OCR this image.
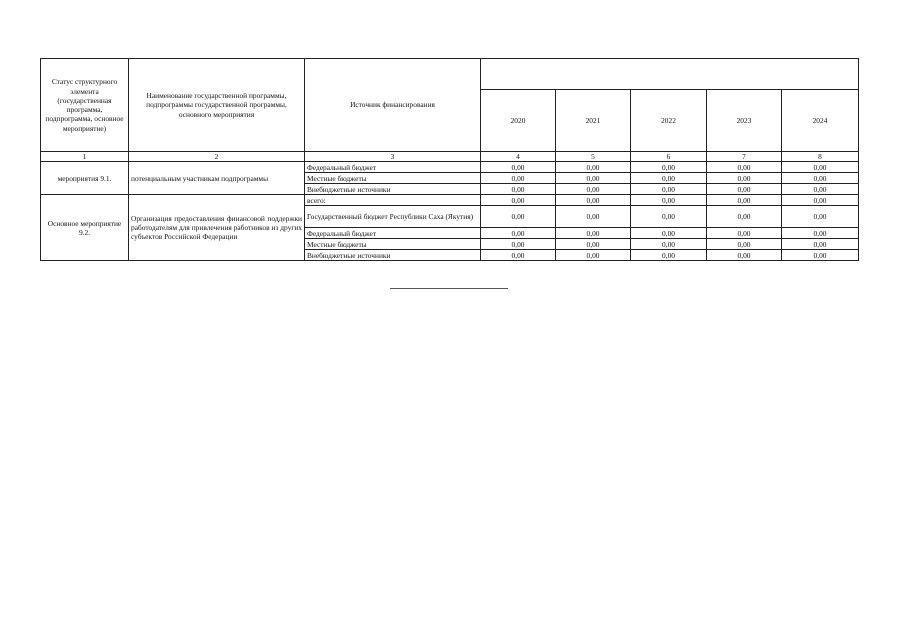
Статус структурного элемента (государственная программа, подпрограмма, основное мероприятие)	Наименование государственной программы, подпрограммы государственной программы, основного мероприятия	Источник финансирования					
			2020	2021	2022	2023	2024
1	2	3	4	5	6	7	8
мероприятия 9.1.	потенциальным участникам подпрограммы	Федеральный бюджет	0,00	0,00	0,00	0,00	0,00
		Местные бюджеты	0,00	0,00	0,00	0,00	0,00
		Внебюджетные источники	0,00	0,00	0,00	0,00	0,00
Основное мероприятие 9.2.	Организация предоставления финансовой поддержки работодателям для привлечения работников из других субъектов Российской Федерации	всего:	0,00	0,00	0,00	0,00	0,00
		Государственный бюджет Республики Саха (Якутия)	0,00	0,00	0,00	0,00	0,00
		Федеральный бюджет	0,00	0,00	0,00	0,00	0,00
		Местные бюджеты	0,00	0,00	0,00	0,00	0,00
		Внебюджетные источники	0,00	0,00	0,00	0,00	0,00
